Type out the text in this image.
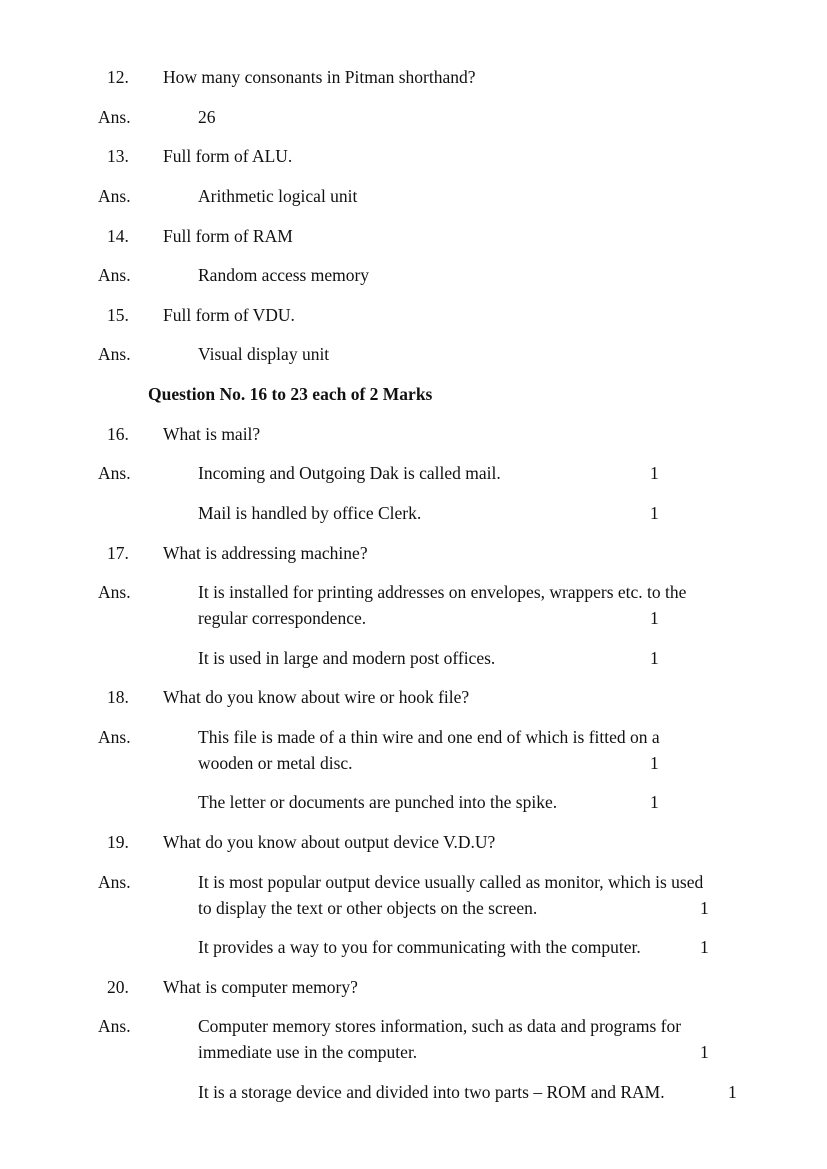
12. How many consonants in Pitman shorthand?
Ans.	26
13. Full form of ALU.
Ans.	Arithmetic logical unit
14. Full form of RAM
Ans.	Random access memory
15. Full form of VDU.
Ans.	Visual display unit
Question No. 16 to 23 each of 2 Marks
16. What is mail?
Ans.	Incoming and Outgoing Dak is called mail.	1
Mail is handled by office Clerk.	1
17. What is addressing machine?
Ans.	It is installed for printing addresses on envelopes, wrappers etc. to the
regular correspondence.	1
It is used in large and modern post offices.	1
18. What do you know about wire or hook file?
Ans.	This file is made of a thin wire and one end of which is fitted on a
wooden or metal disc.	1
The letter or documents are punched into the spike.	1
19. What do you know about output device V.D.U?
Ans.	It is most popular output device usually called as monitor, which is used
to display the text or other objects on the screen.	1
It provides a way to you for communicating with the computer.	1
20. What is computer memory?
Ans.	Computer memory stores information, such as data and programs for
immediate use in the computer.	1
It is a storage device and divided into two parts – ROM and RAM.	1
